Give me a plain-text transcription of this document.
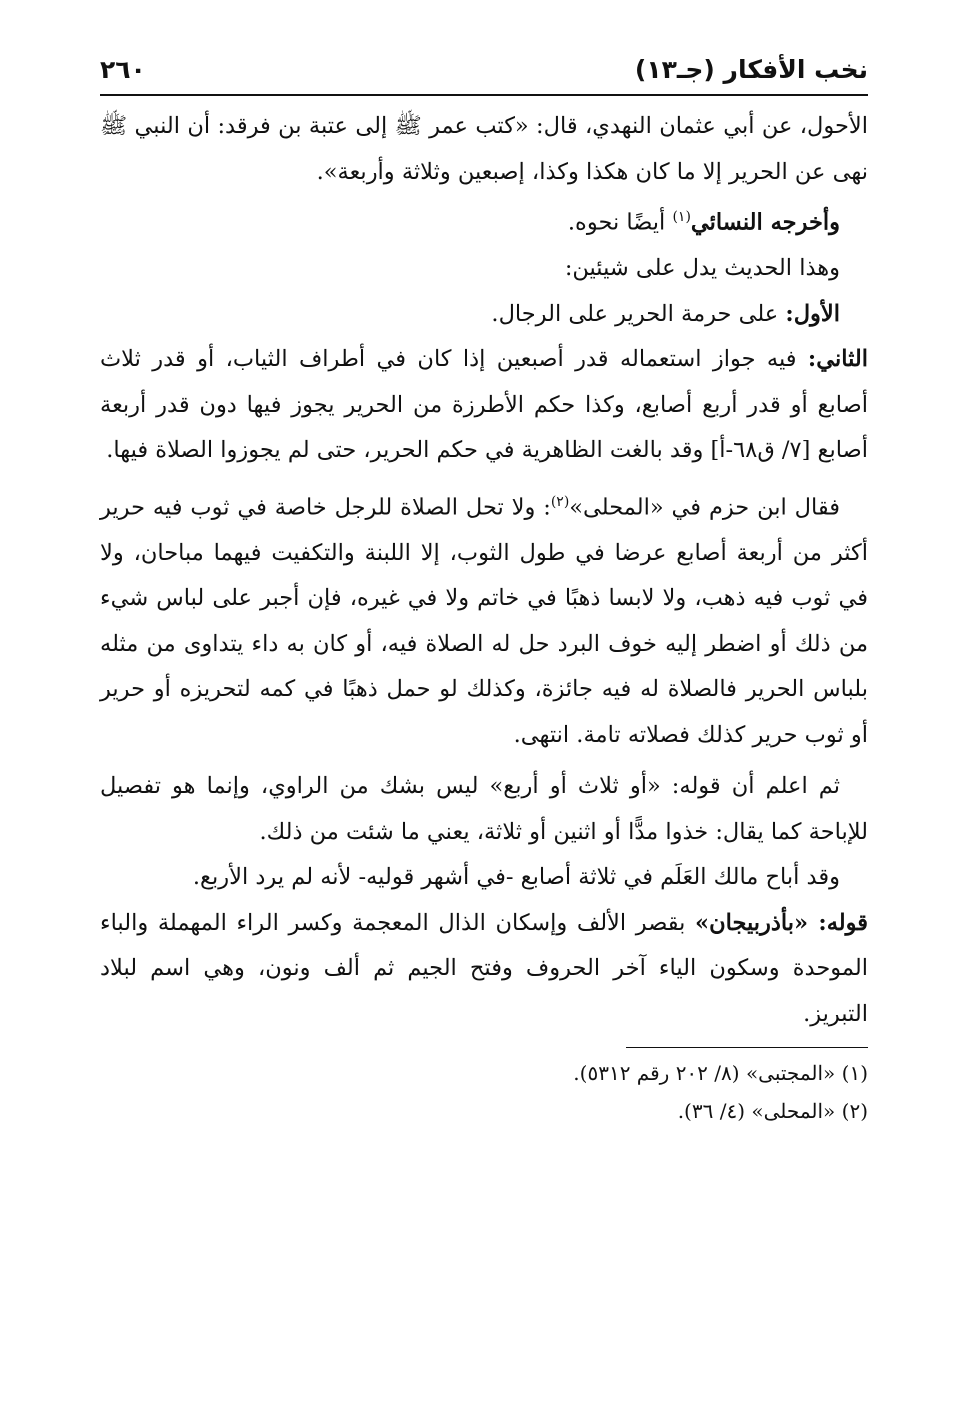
نخب الأفكار (جـ١٣)
٢٦٠

الأحول، عن أبي عثمان النهدي، قال: «كتب عمر ﷺ إلى عتبة بن فرقد: أن النبي ﷺ نهى عن الحرير إلا ما كان هكذا وكذا، إصبعين وثلاثة وأربعة».

وأخرجه النسائي$^{(١)}$ أيضًا نحوه.

وهذا الحديث يدل على شيئين:

الأول: على حرمة الحرير على الرجال.

الثاني: فيه جواز استعماله قدر أصبعين إذا كان في أطراف الثياب، أو قدر ثلاث أصابع أو قدر أربع أصابع، وكذا حكم الأطرزة من الحرير يجوز فيها دون قدر أربعة أصابع [٧/ ق٦٨-أ] وقد بالغت الظاهرية في حكم الحرير، حتى لم يجوزوا الصلاة فيها.

فقال ابن حزم في «المحلى»$^{(٢)}$: ولا تحل الصلاة للرجل خاصة في ثوب فيه حرير أكثر من أربعة أصابع عرضا في طول الثوب، إلا اللبنة والتكفيت فيهما مباحان، ولا في ثوب فيه ذهب، ولا لابسا ذهبًا في خاتم ولا في غيره، فإن أجبر على لباس شيء من ذلك أو اضطر إليه خوف البرد حل له الصلاة فيه، أو كان به داء يتداوى من مثله بلباس الحرير فالصلاة له فيه جائزة، وكذلك لو حمل ذهبًا في كمه لتحريزه أو حرير أو ثوب حرير كذلك فصلاته تامة. انتهى.

ثم اعلم أن قوله: «أو ثلاث أو أربع» ليس بشك من الراوي، وإنما هو تفصيل للإباحة كما يقال: خذوا مدًّا أو اثنين أو ثلاثة، يعني ما شئت من ذلك.

وقد أباح مالك العَلَم في ثلاثة أصابع -في أشهر قوليه- لأنه لم يرد الأربع.

قوله: «بأذربيجان» بقصر الألف وإسكان الذال المعجمة وكسر الراء المهملة والباء الموحدة وسكون الياء آخر الحروف وفتح الجيم ثم ألف ونون، وهي اسم لبلاد التبريز.

(١) «المجتبى» (٨/ ٢٠٢ رقم ٥٣١٢).

(٢) «المحلى» (٤/ ٣٦).
